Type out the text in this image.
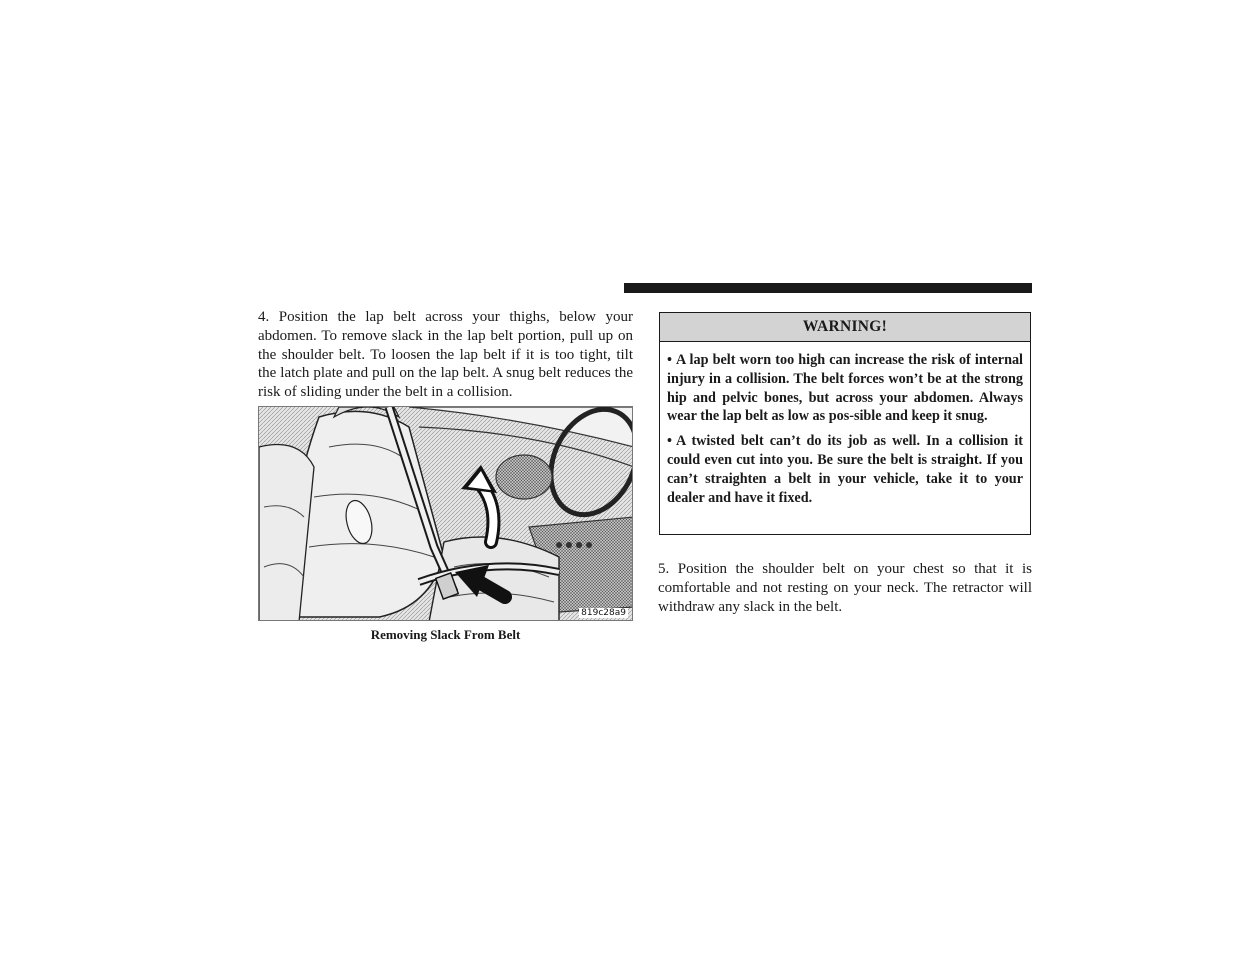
4. Position the lap belt across your thighs, below your abdomen. To remove slack in the lap belt portion, pull up on the shoulder belt. To loosen the lap belt if it is too tight, tilt the latch plate and pull on the lap belt. A snug belt reduces the risk of sliding under the belt in a collision.

819c28a9
Removing Slack From Belt
WARNING!

• A lap belt worn too high can increase the risk of internal injury in a collision. The belt forces won’t be at the strong hip and pelvic bones, but across your abdomen. Always wear the lap belt as low as pos-sible and keep it snug.

• A twisted belt can’t do its job as well. In a collision it could even cut into you. Be sure the belt is straight. If you can’t straighten a belt in your vehicle, take it to your dealer and have it fixed.

5. Position the shoulder belt on your chest so that it is comfortable and not resting on your neck. The retractor will withdraw any slack in the belt.
